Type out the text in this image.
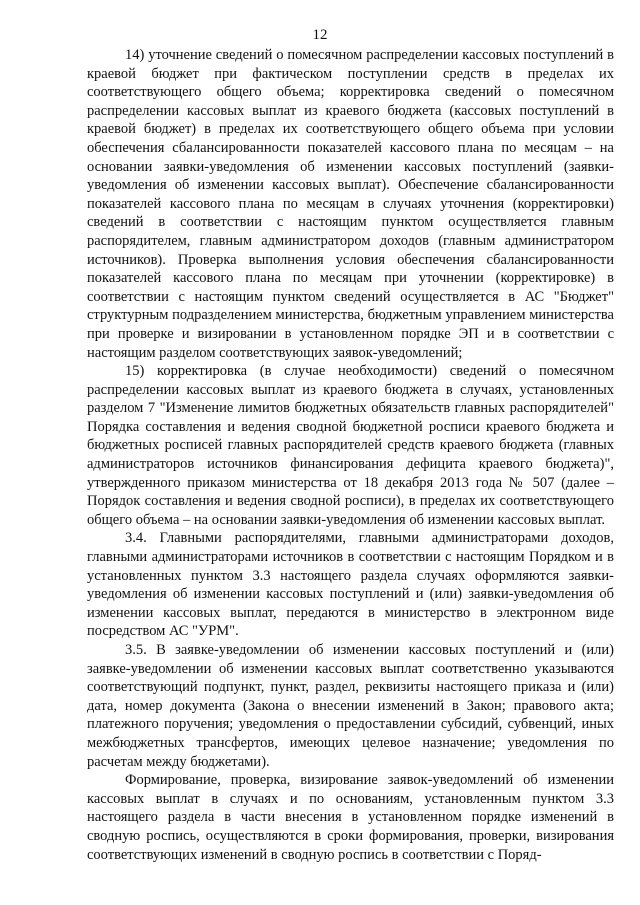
12

14) уточнение сведений о помесячном распределении кассовых поступлений в краевой бюджет при фактическом поступлении средств в пределах их соответствующего общего объема; корректировка сведений о помесячном распределении кассовых выплат из краевого бюджета (кассовых поступлений в краевой бюджет) в пределах их соответствующего общего объема при условии обеспечения сбалансированности показателей кассового плана по месяцам – на основании заявки-уведомления об изменении кассовых поступлений (заявки-уведомления об изменении кассовых выплат). Обеспечение сбалансированности показателей кассового плана по месяцам в случаях уточнения (корректировки) сведений в соответствии с настоящим пунктом осуществляется главным распорядителем, главным администратором доходов (главным администратором источников). Проверка выполнения условия обеспечения сбалансированности показателей кассового плана по месяцам при уточнении (корректировке) в соответствии с настоящим пунктом сведений осуществляется в АС "Бюджет" структурным подразделением министерства, бюджетным управлением министерства при проверке и визировании в установленном порядке ЭП и в соответствии с настоящим разделом соответствующих заявок-уведомлений;

15) корректировка (в случае необходимости) сведений о помесячном распределении кассовых выплат из краевого бюджета в случаях, установленных разделом 7 "Изменение лимитов бюджетных обязательств главных распорядителей" Порядка составления и ведения сводной бюджетной росписи краевого бюджета и бюджетных росписей главных распорядителей средств краевого бюджета (главных администраторов источников финансирования дефицита краевого бюджета)", утвержденного приказом министерства от 18 декабря 2013 года № 507 (далее – Порядок составления и ведения сводной росписи), в пределах их соответствующего общего объема – на основании заявки-уведомления об изменении кассовых выплат.

3.4. Главными распорядителями, главными администраторами доходов, главными администраторами источников в соответствии с настоящим Порядком и в установленных пунктом 3.3 настоящего раздела случаях оформляются заявки-уведомления об изменении кассовых поступлений и (или) заявки-уведомления об изменении кассовых выплат, передаются в министерство в электронном виде посредством АС "УРМ".

3.5. В заявке-уведомлении об изменении кассовых поступлений и (или) заявке-уведомлении об изменении кассовых выплат соответственно указываются соответствующий подпункт, пункт, раздел, реквизиты настоящего приказа и (или) дата, номер документа (Закона о внесении изменений в Закон; правового акта; платежного поручения; уведомления о предоставлении субсидий, субвенций, иных межбюджетных трансфертов, имеющих целевое назначение; уведомления по расчетам между бюджетами).

Формирование, проверка, визирование заявок-уведомлений об изменении кассовых выплат в случаях и по основаниям, установленным пунктом 3.3 настоящего раздела в части внесения в установленном порядке изменений в сводную роспись, осуществляются в сроки формирования, проверки, визирования соответствующих изменений в сводную роспись в соответствии с Поряд-
